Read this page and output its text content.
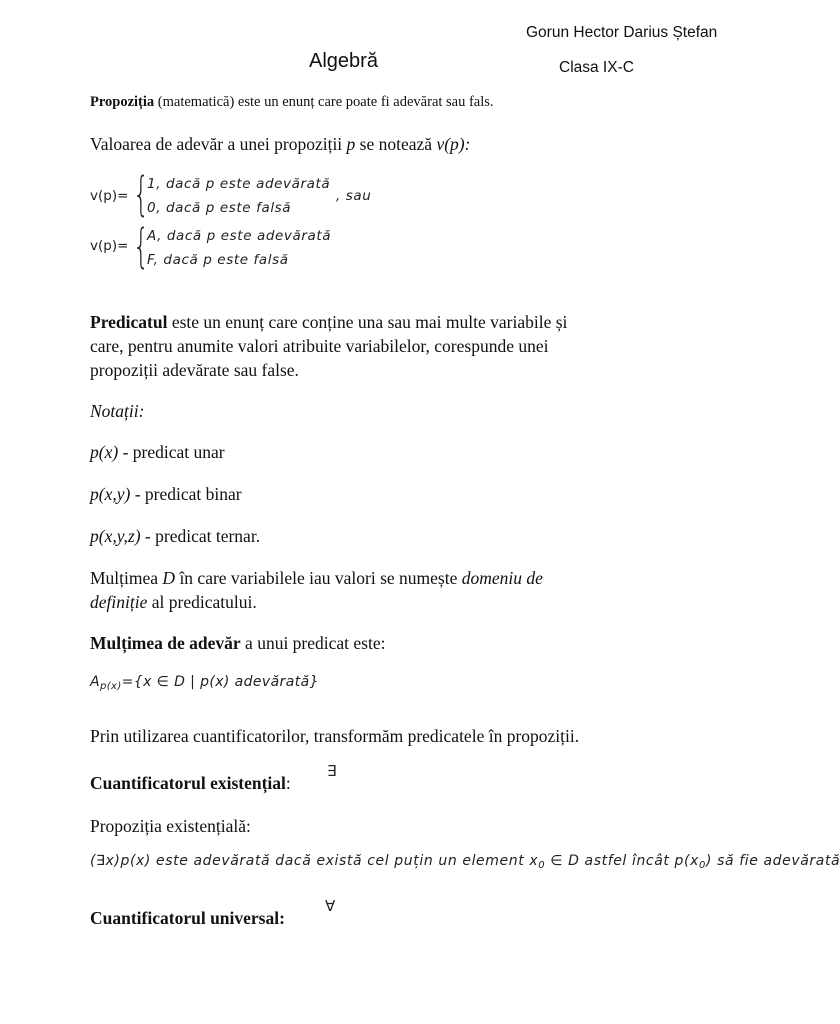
Gorun Hector Darius Ștefan
Algebră	Clasa IX-C
Propoziția (matematică) este un enunț care poate fi adevărat sau fals.
Valoarea de adevăr a unei propoziții p se notează v(p):
v(p)= {
1, dacă p este adevărată
0, dacă p este falsă
, sau
v(p)= {
A, dacă p este adevărată
F, dacă p este falsă
Predicatul este un enunț care conține una sau mai multe variabile și
care, pentru anumite valori atribuite variabilelor, corespunde unei
propoziții adevărate sau false.
Notații:
p(x) - predicat unar
p(x,y) - predicat binar
p(x,y,z) - predicat ternar.
Mulțimea D în care variabilele iau valori se numește domeniu de
definiție al predicatului.
Mulțimea de adevăr a unui predicat este:
$A_{p(x)}=\{x$ ∈ D | p(x) adevărată}
Prin utilizarea cuantificatorilor, transformăm predicatele în propoziții.
Cuantificatorul existențial:
∃
Propoziția existențială:
(∃x)p(x) este adevărată dacă există cel puțin un element $x_0$ ∈ D astfel încât $p(x_0)$ să fie adevărată
Cuantificatorul universal:
∀
